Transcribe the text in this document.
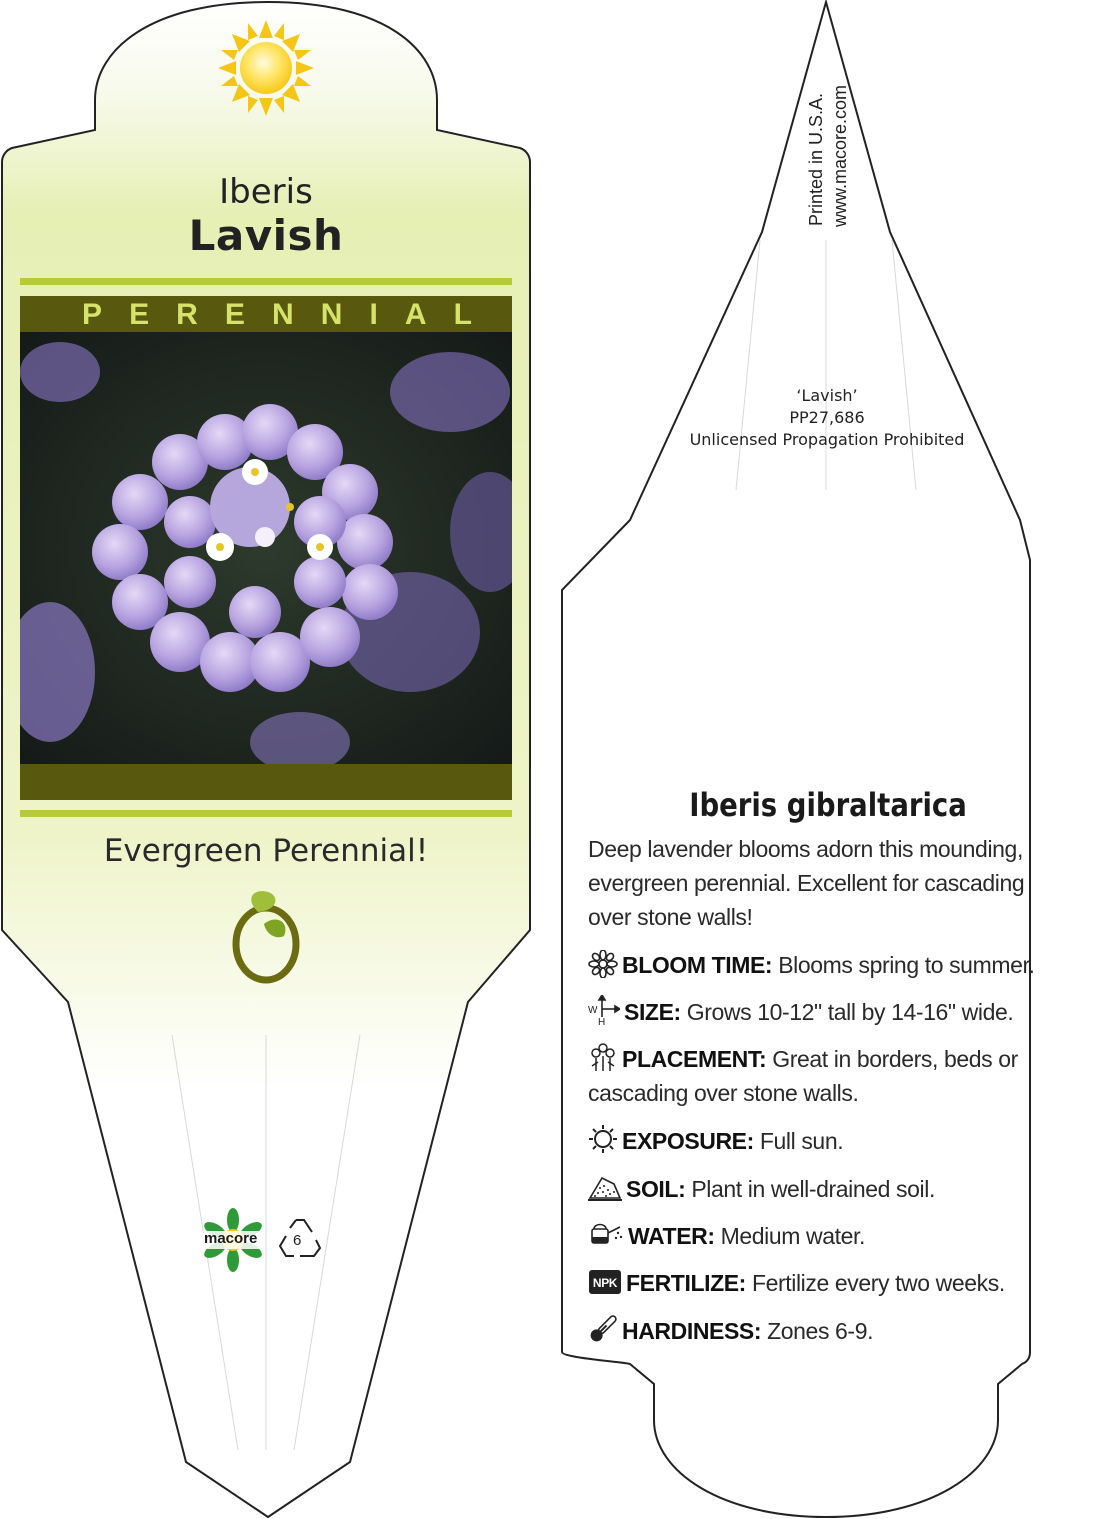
Iberis
Lavish
P E R E N N I A L
Evergreen Perennial!
macore 6
Printed in U.S.A. www.macore.com
‘Lavish’
PP27,686
Unlicensed Propagation Prohibited
Iberis gibraltarica
Deep lavender blooms adorn this mounding, evergreen perennial. Excellent for cascading over stone walls!
BLOOM TIME: Blooms spring to summer.
W
H SIZE: Grows 10-12" tall by 14-16" wide.
PLACEMENT: Great in borders, beds or cascading over stone walls.
EXPOSURE: Full sun.
SOIL: Plant in well-drained soil.
WATER: Medium water.
NPK FERTILIZE: Fertilize every two weeks.
HARDINESS: Zones 6-9.
